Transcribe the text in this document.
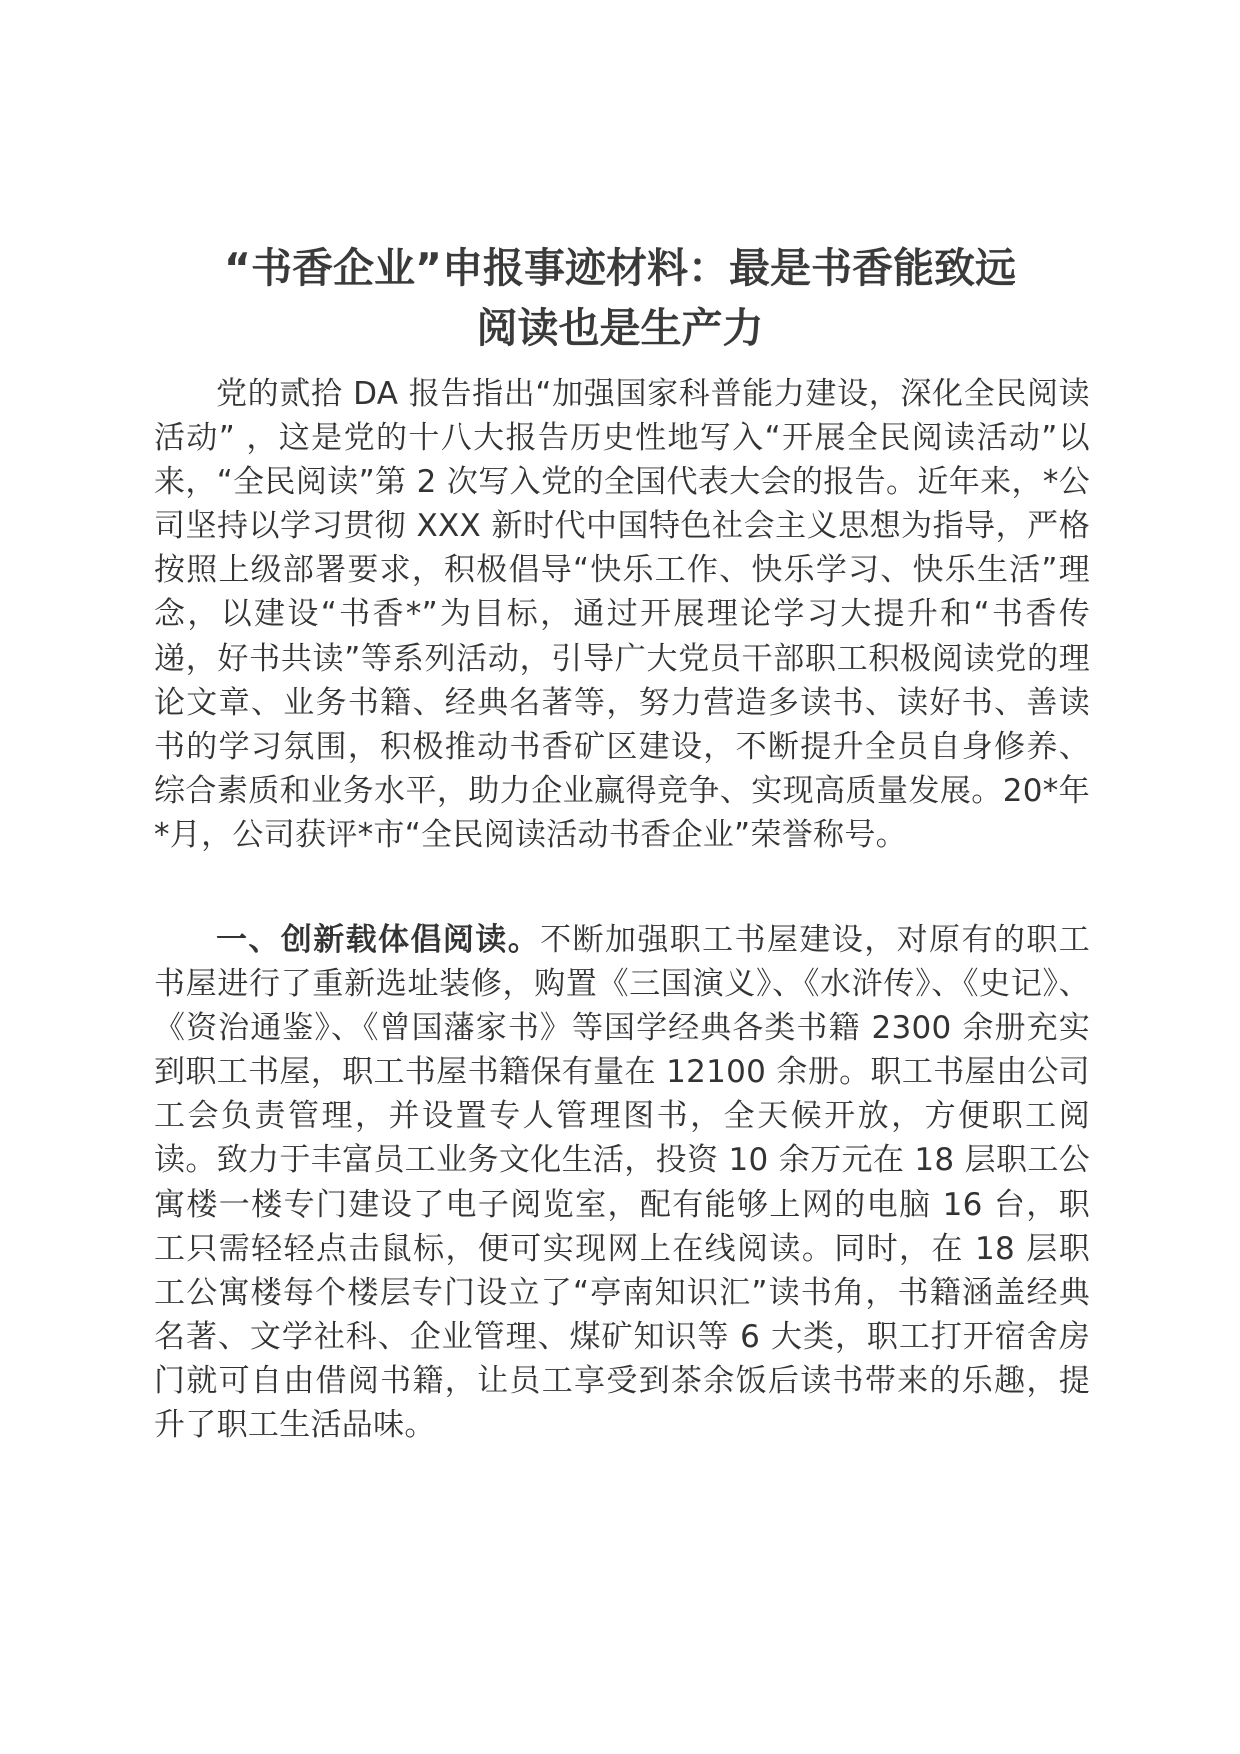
“书香企业”申报事迹材料：最是书香能致远
阅读也是生产力

党的贰拾 DA 报告指出“加强国家科普能力建设，深化全民阅读活动” ，这是党的十八大报告历史性地写入“开展全民阅读活动”以来，“全民阅读”第 2 次写入党的全国代表大会的报告。近年来，*公司坚持以学习贯彻 XXX 新时代中国特色社会主义思想为指导，严格按照上级部署要求，积极倡导“快乐工作、快乐学习、快乐生活”理念，以建设“书香*”为目标，通过开展理论学习大提升和“书香传递，好书共读”等系列活动，引导广大党员干部职工积极阅读党的理论文章、业务书籍、经典名著等，努力营造多读书、读好书、善读书的学习氛围，积极推动书香矿区建设，不断提升全员自身修养、综合素质和业务水平，助力企业赢得竞争、实现高质量发展。20*年*月，公司获评*市“全民阅读活动书香企业”荣誉称号。

一、创新载体倡阅读。不断加强职工书屋建设，对原有的职工书屋进行了重新选址装修，购置《三国演义》、《水浒传》、《史记》、《资治通鉴》、《曾国藩家书》等国学经典各类书籍 2300 余册充实到职工书屋，职工书屋书籍保有量在 12100 余册。职工书屋由公司工会负责管理，并设置专人管理图书，全天候开放，方便职工阅读。致力于丰富员工业务文化生活，投资 10 余万元在 18 层职工公寓楼一楼专门建设了电子阅览室，配有能够上网的电脑 16 台，职工只需轻轻点击鼠标，便可实现网上在线阅读。同时，在 18 层职工公寓楼每个楼层专门设立了“亭南知识汇”读书角，书籍涵盖经典名著、文学社科、企业管理、煤矿知识等 6 大类，职工打开宿舍房门就可自由借阅书籍，让员工享受到茶余饭后读书带来的乐趣，提升了职工生活品味。
